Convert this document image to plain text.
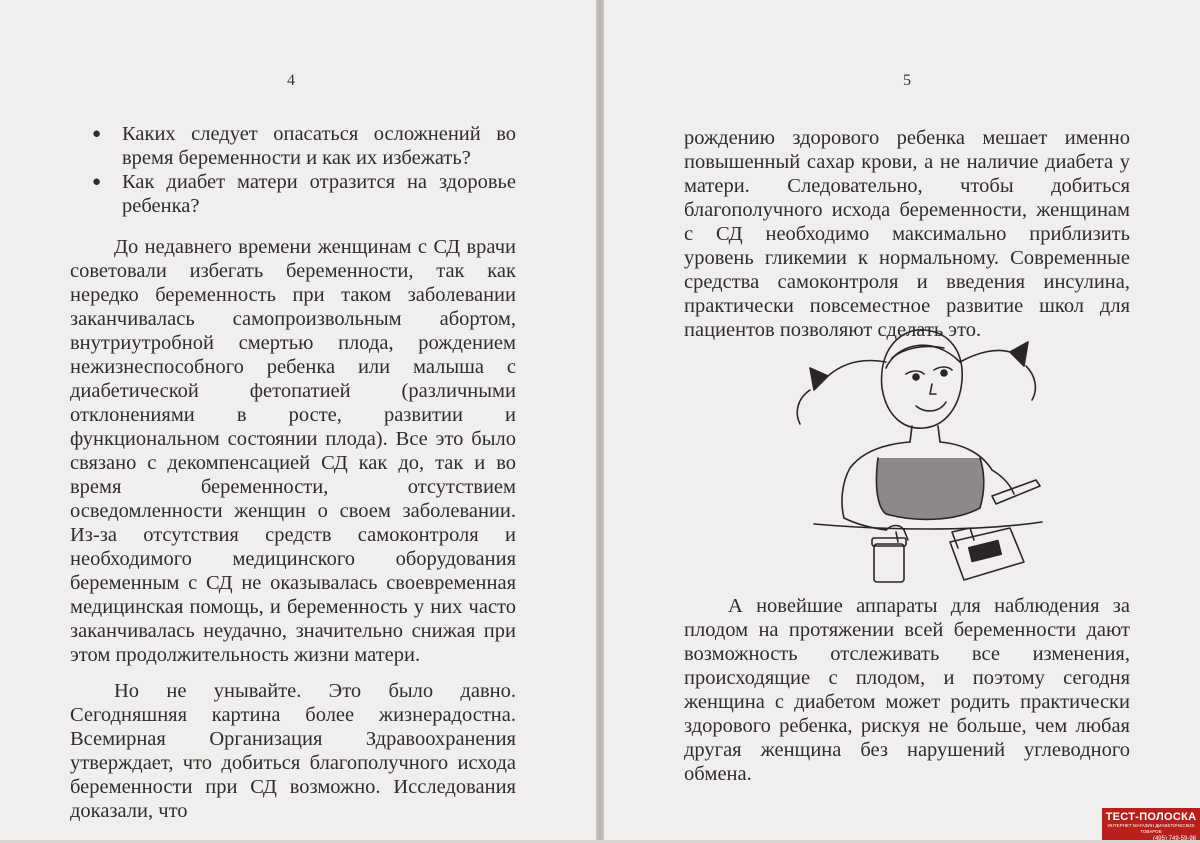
4
● Каких следует опасаться осложнений во время беременности и как их избежать?
● Как диабет матери отразится на здоровье ребенка?

До недавнего времени женщинам с СД врачи советовали избегать беременности, так как нередко беременность при таком заболевании заканчивалась самопроизвольным абортом, внутриутробной смертью плода, рождением нежизнеспособного ребенка или малыша с диабетической фетопатией (различными отклонениями в росте, развитии и функциональном состоянии плода). Все это было связано с декомпенсацией СД как до, так и во время беременности, отсутствием осведомленности женщин о своем заболевании. Из-за отсутствия средств самоконтроля и необходимого медицинского оборудования беременным с СД не оказывалась своевременная медицинская помощь, и беременность у них часто заканчивалась неудачно, значительно снижая при этом продолжительность жизни матери.

Но не унывайте. Это было давно. Сегодняшняя картина более жизнерадостна. Всемирная Организация Здравоохранения утверждает, что добиться благополучного исхода беременности при СД возможно. Исследования доказали, что

5

рождению здорового ребенка мешает именно повышенный сахар крови, а не наличие диабета у матери. Следовательно, чтобы добиться благополучного исхода беременности, женщинам с СД необходимо максимально приблизить уровень гликемии к нормальному. Современные средства самоконтроля и введения инсулина, практически повсеместное развитие школ для пациентов позволяют сделать это.

А новейшие аппараты для наблюдения за плодом на протяжении всей беременности дают возможность отслеживать все изменения, происходящие с плодом, и поэтому сегодня женщина с диабетом может родить практически здорового ребенка, рискуя не больше, чем любая другая женщина без нарушений углеводного обмена.

ТЕСТ-ПОЛОСКА
ИНТЕРНЕТ МАГАЗИН ДИАБЕТИЧЕСКИХ ТОВАРОВ
(495) 749-59-98
